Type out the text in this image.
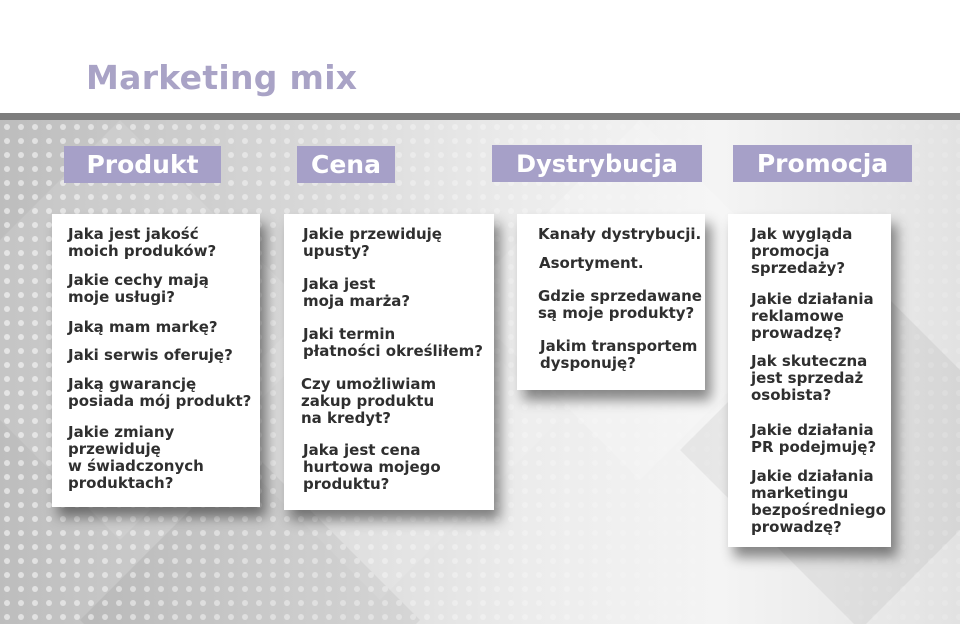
Marketing mix
Produkt
Jaka jest jakość
moich produków?
Jakie cechy mają
moje usługi?
Jaką mam markę?
Jaki serwis oferuję?
Jaką gwarancję
posiada mój produkt?
Jakie zmiany
przewiduję
w świadczonych
produktach?
Cena
Jakie przewiduję
upusty?
Jaka jest
moja marża?
Jaki termin
płatności określiłem?
Czy umożliwiam
zakup produktu
na kredyt?
Jaka jest cena
hurtowa mojego
produktu?
Dystrybucja
Kanały dystrybucji.
Asortyment.
Gdzie sprzedawane
są moje produkty?
Jakim transportem
dysponuję?
Promocja
Jak wygląda
promocja
sprzedaży?
Jakie działania
reklamowe
prowadzę?
Jak skuteczna
jest sprzedaż
osobista?
Jakie działania
PR podejmuję?
Jakie działania
marketingu
bezpośredniego
prowadzę?
